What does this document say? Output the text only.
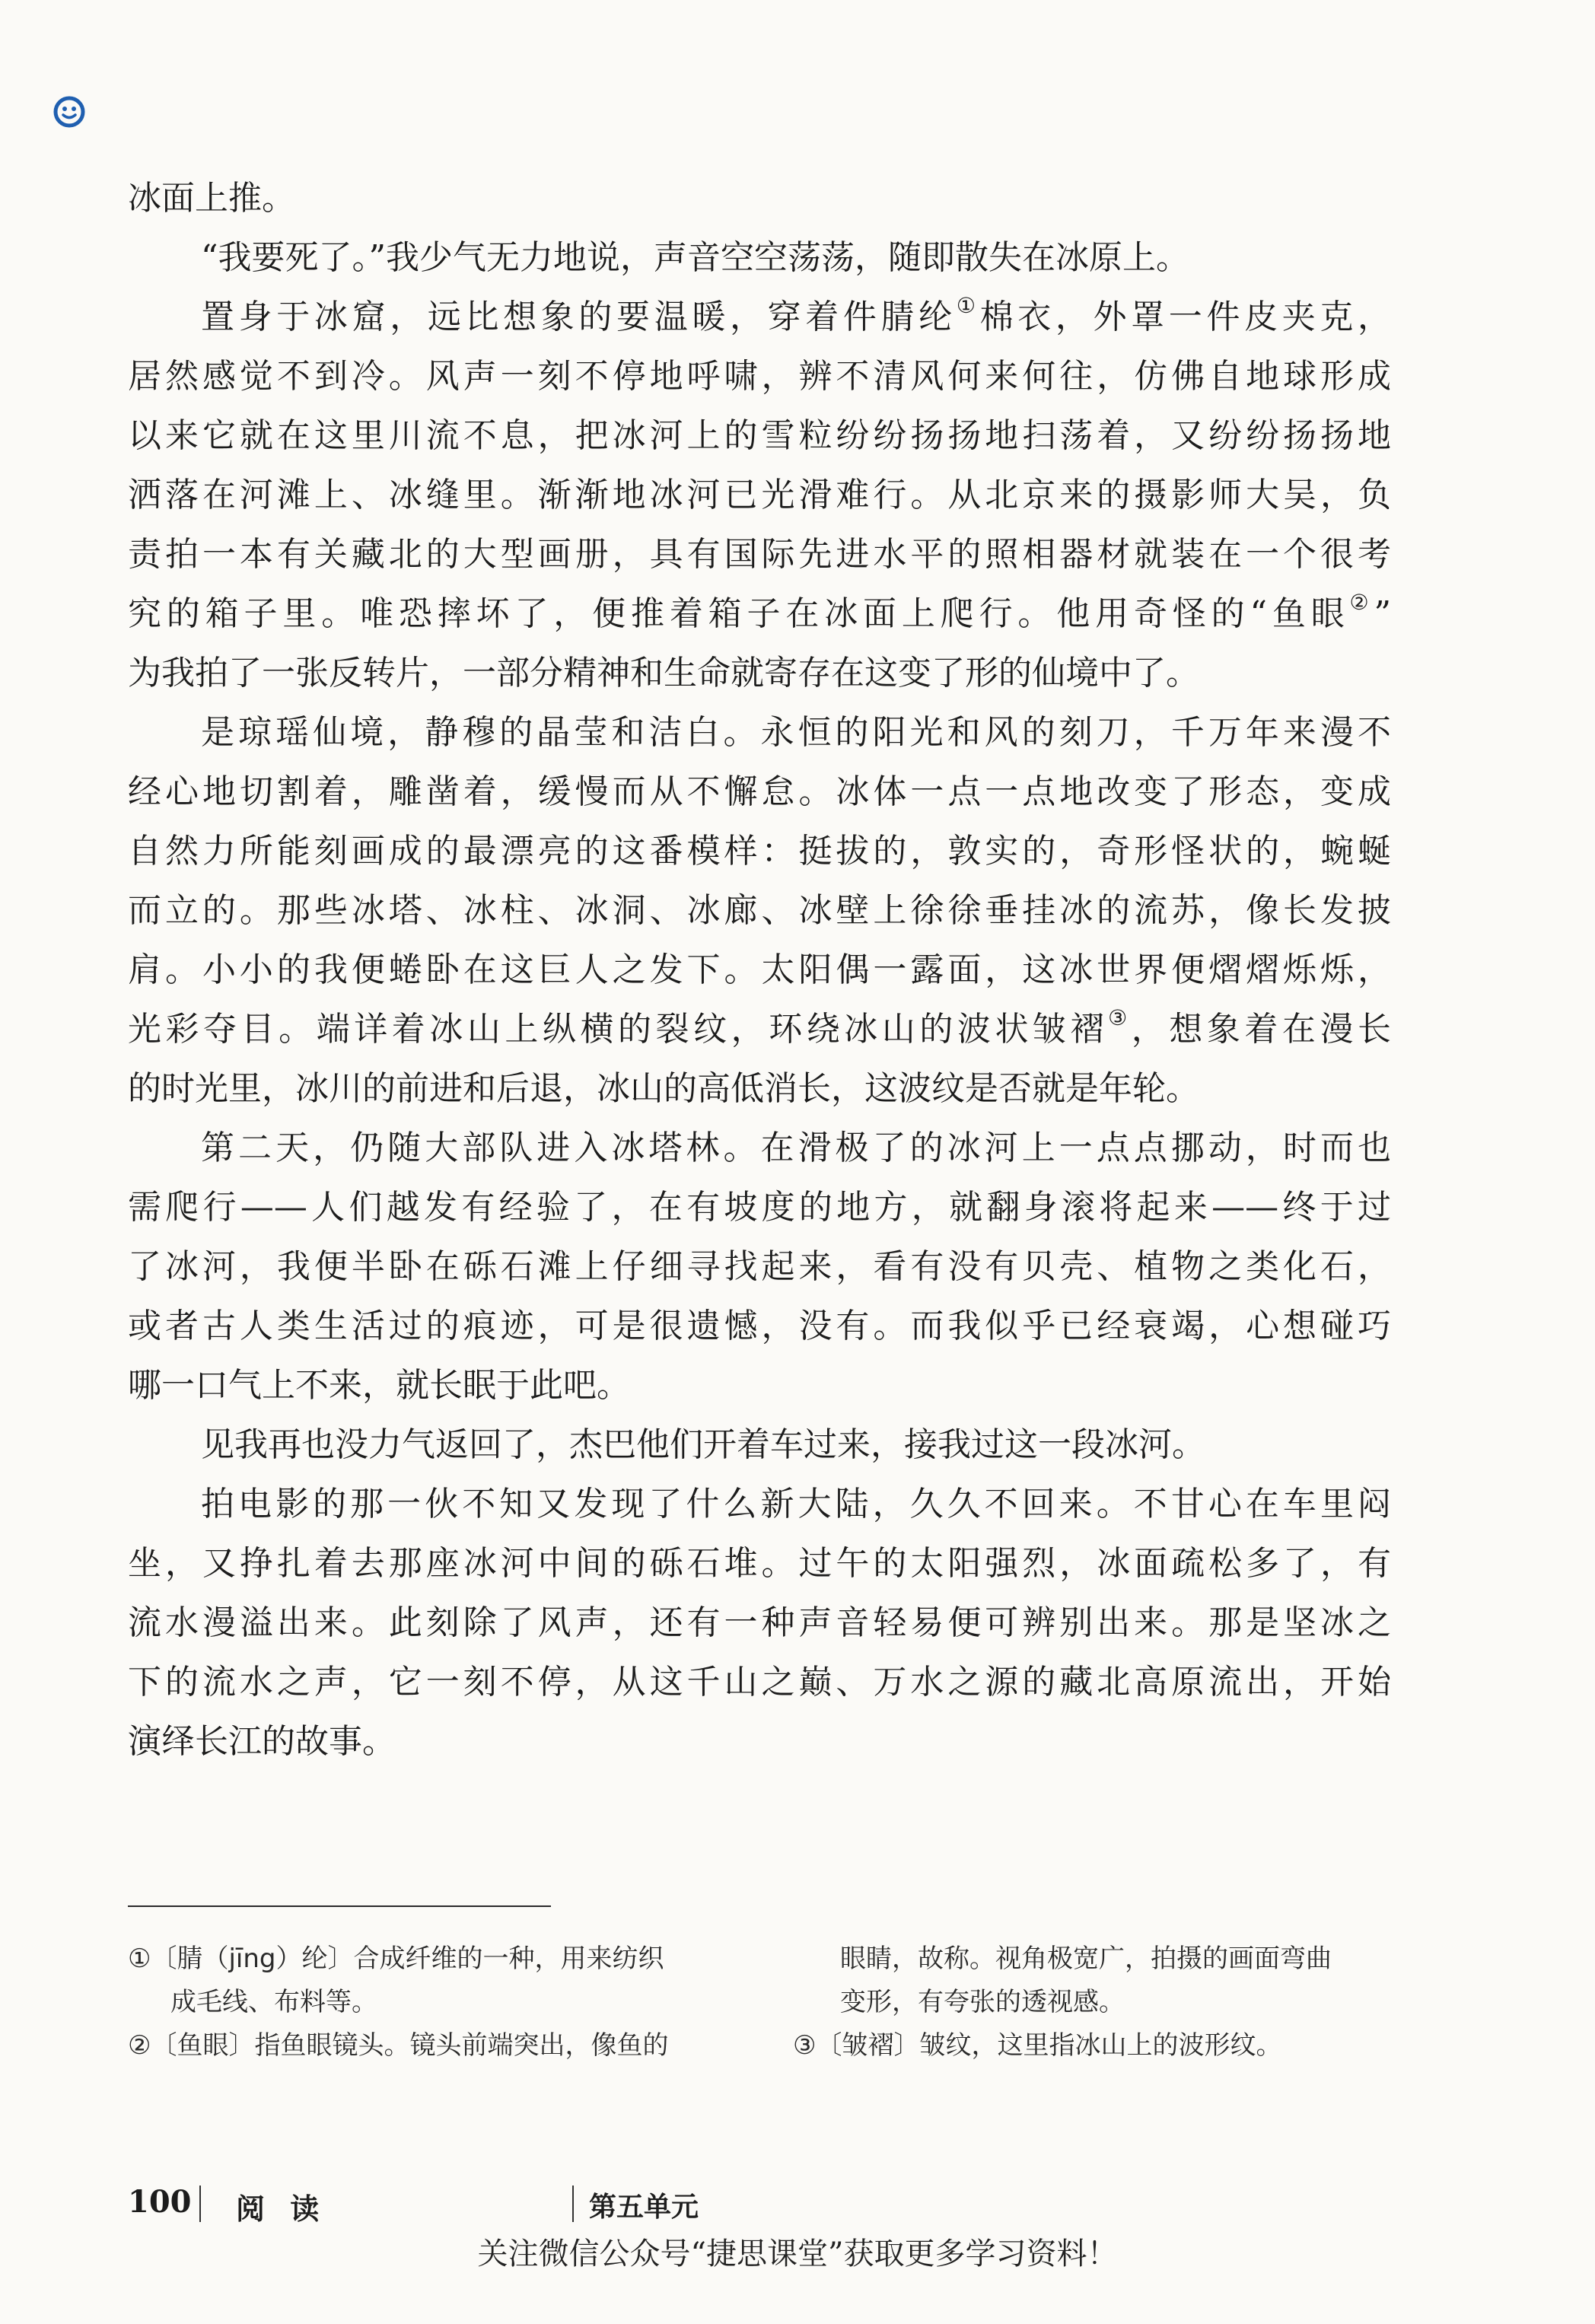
冰面上推。
“我要死了。”我少气无力地说，声音空空荡荡，随即散失在冰原上。
置身于冰窟，远比想象的要温暖，穿着件腈纶①棉衣，外罩一件皮夹克，
居然感觉不到冷。风声一刻不停地呼啸，辨不清风何来何往，仿佛自地球形成
以来它就在这里川流不息，把冰河上的雪粒纷纷扬扬地扫荡着，又纷纷扬扬地
洒落在河滩上、冰缝里。渐渐地冰河已光滑难行。从北京来的摄影师大吴，负
责拍一本有关藏北的大型画册，具有国际先进水平的照相器材就装在一个很考
究的箱子里。唯恐摔坏了，便推着箱子在冰面上爬行。他用奇怪的“鱼眼②”
为我拍了一张反转片，一部分精神和生命就寄存在这变了形的仙境中了。
是琼瑶仙境，静穆的晶莹和洁白。永恒的阳光和风的刻刀，千万年来漫不
经心地切割着，雕凿着，缓慢而从不懈怠。冰体一点一点地改变了形态，变成
自然力所能刻画成的最漂亮的这番模样：挺拔的，敦实的，奇形怪状的，蜿蜒
而立的。那些冰塔、冰柱、冰洞、冰廊、冰壁上徐徐垂挂冰的流苏，像长发披
肩。小小的我便蜷卧在这巨人之发下。太阳偶一露面，这冰世界便熠熠烁烁，
光彩夺目。端详着冰山上纵横的裂纹，环绕冰山的波状皱褶③，想象着在漫长
的时光里，冰川的前进和后退，冰山的高低消长，这波纹是否就是年轮。
第二天，仍随大部队进入冰塔林。在滑极了的冰河上一点点挪动，时而也
需爬行——人们越发有经验了，在有坡度的地方，就翻身滚将起来——终于过
了冰河，我便半卧在砾石滩上仔细寻找起来，看有没有贝壳、植物之类化石，
或者古人类生活过的痕迹，可是很遗憾，没有。而我似乎已经衰竭，心想碰巧
哪一口气上不来，就长眠于此吧。
见我再也没力气返回了，杰巴他们开着车过来，接我过这一段冰河。
拍电影的那一伙不知又发现了什么新大陆，久久不回来。不甘心在车里闷
坐，又挣扎着去那座冰河中间的砾石堆。过午的太阳强烈，冰面疏松多了，有
流水漫溢出来。此刻除了风声，还有一种声音轻易便可辨别出来。那是坚冰之
下的流水之声，它一刻不停，从这千山之巅、万水之源的藏北高原流出，开始
演绎长江的故事。
①〔腈（jīng）纶〕合成纤维的一种，用来纺织
成毛线、布料等。
②〔鱼眼〕指鱼眼镜头。镜头前端突出，像鱼的
眼睛，故称。视角极宽广，拍摄的画面弯曲
变形，有夸张的透视感。
③〔皱褶〕皱纹，这里指冰山上的波形纹。
100 阅 读	第五单元
关注微信公众号“捷思课堂”获取更多学习资料！
